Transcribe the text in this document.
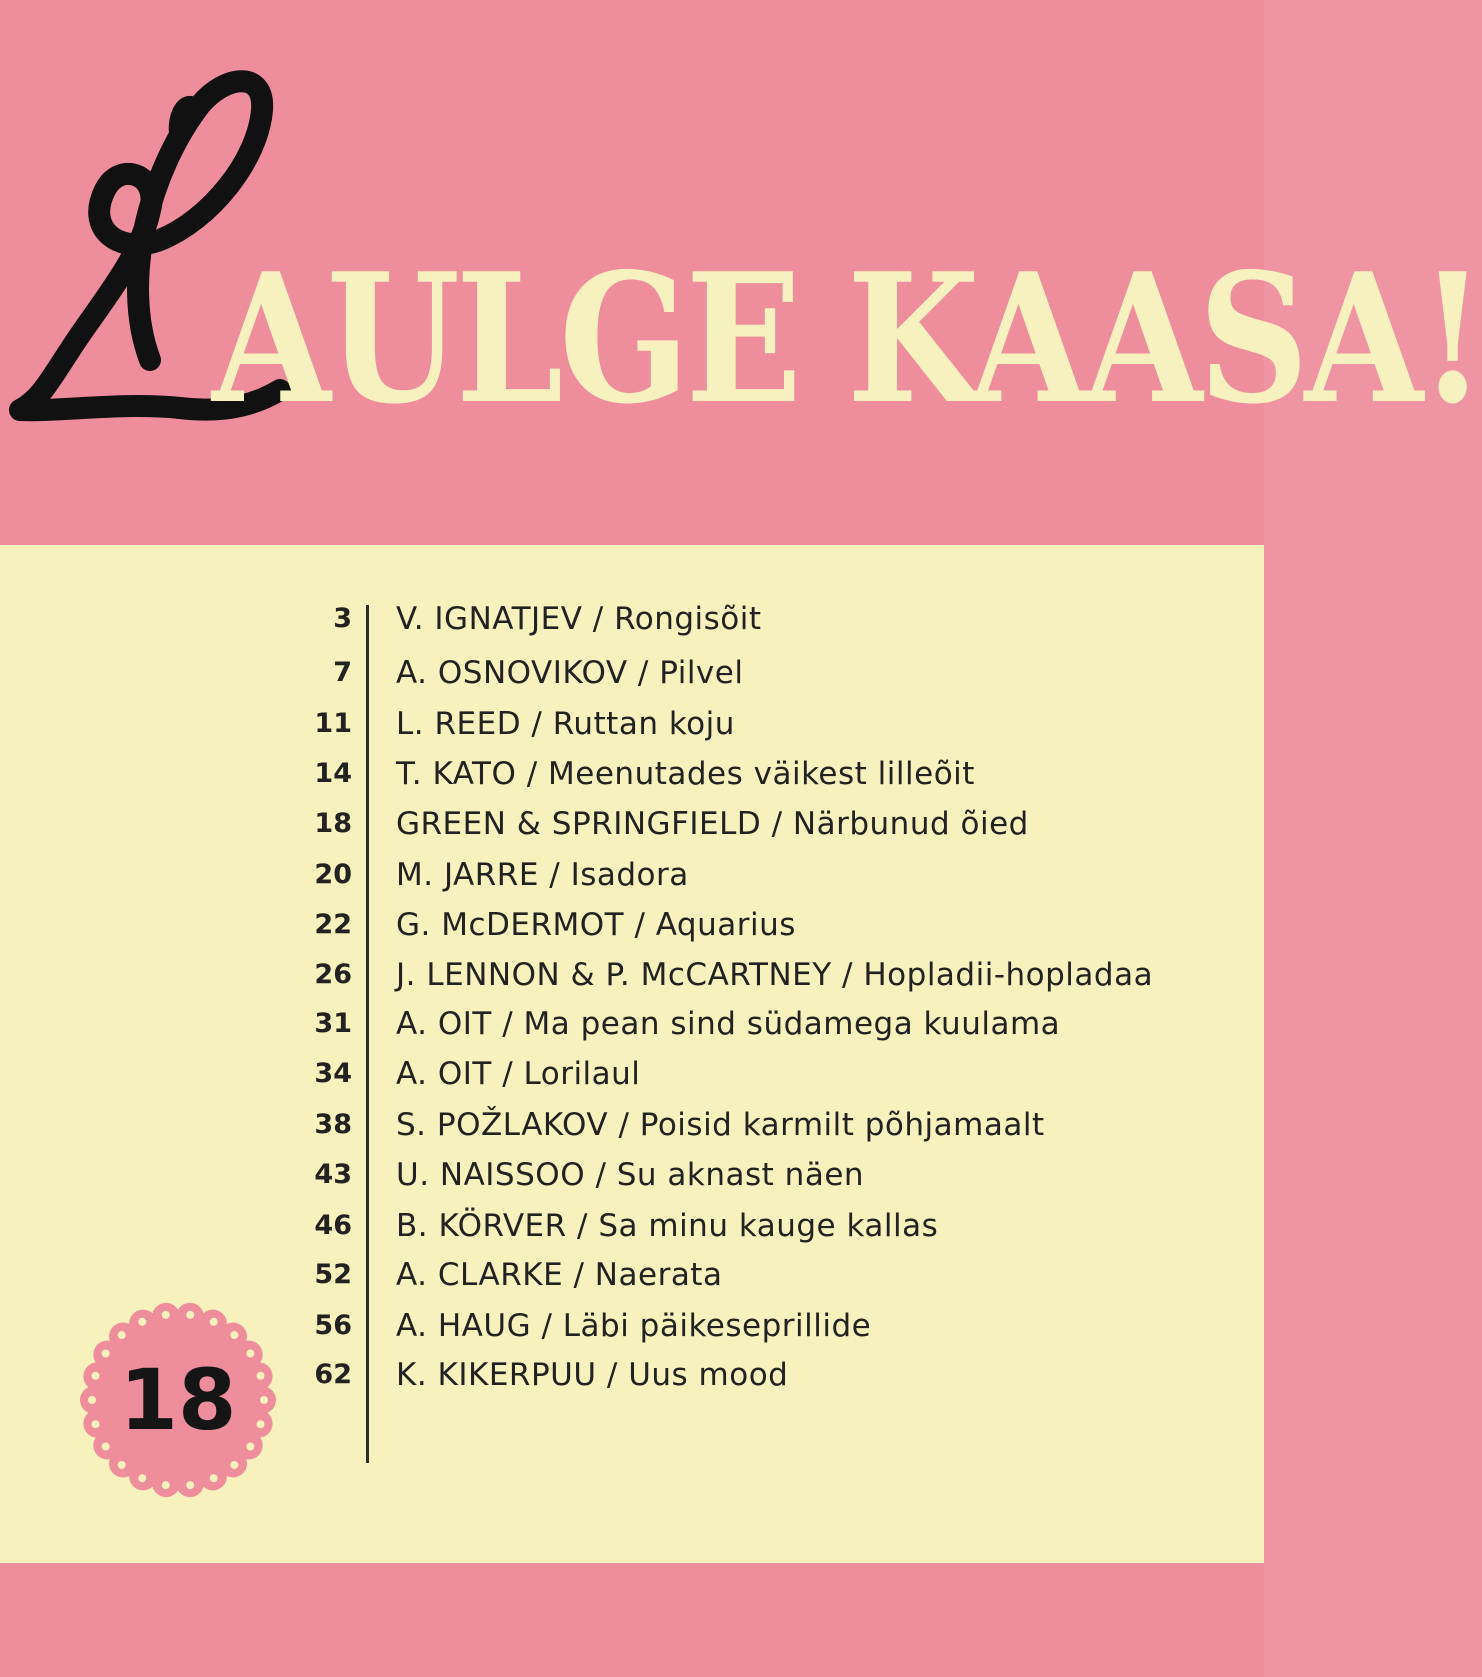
AULGE KAASA!
3 V. IGNATJEV / Rongisõit
7 A. OSNOVIKOV / Pilvel
11 L. REED / Ruttan koju
14 T. KATO / Meenutades väikest lilleõit
18 GREEN & SPRINGFIELD / Närbunud õied
20 M. JARRE / Isadora
22 G. McDERMOT / Aquarius
26 J. LENNON & P. McCARTNEY / Hopladii-hopladaa
31 A. OIT / Ma pean sind südamega kuulama
34 A. OIT / Lorilaul
38 S. POŽLAKOV / Poisid karmilt põhjamaalt
43 U. NAISSOO / Su aknast näen
46 B. KÖRVER / Sa minu kauge kallas
52 A. CLARKE / Naerata
56 A. HAUG / Läbi päikeseprillide
62 K. KIKERPUU / Uus mood
18
